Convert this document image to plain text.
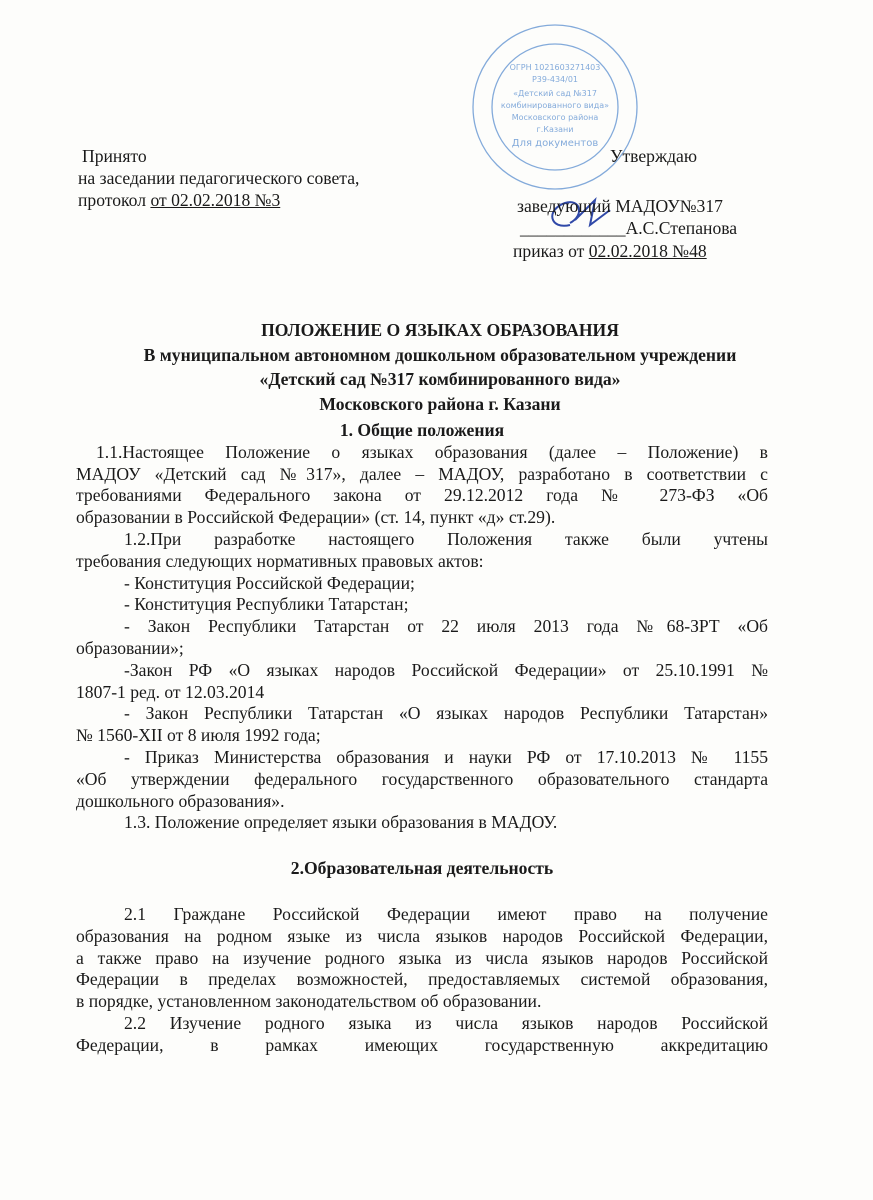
Принято
на заседании педагогического совета,
протокол от 02.02.2018 №3
ОГРН 1021603271403
Р39-434/01
«Детский сад №317
комбинированного вида»
Московского района
г.Казани
Для документов
Утверждаю
заведующий МАДОУ№317
____________А.С.Степанова
приказ от 02.02.2018 №48
ПОЛОЖЕНИЕ О ЯЗЫКАХ ОБРАЗОВАНИЯ
В муниципальном автономном дошкольном образовательном учреждении
«Детский сад №317 комбинированного вида»
Московского района г. Казани
1. Общие положения
1.1.Настоящее Положение о языках образования (далее – Положение) в
МАДОУ «Детский сад №317», далее – МАДОУ, разработано в соответствии с
требованиями Федерального закона от 29.12.2012 года № 273-ФЗ «Об
образовании в Российской Федерации» (ст. 14, пункт «д» ст.29).
1.2.При разработке настоящего Положения также были учтены
требования следующих нормативных правовых актов:
- Конституция Российской Федерации;
- Конституция Республики Татарстан;
- Закон Республики Татарстан от 22 июля 2013 года №68-ЗРТ «Об
образовании»;
-Закон РФ «О языках народов Российской Федерации» от 25.10.1991 №
1807-1 ред. от 12.03.2014
- Закон Республики Татарстан «О языках народов Республики Татарстан»
№ 1560-XII от 8 июля 1992 года;
- Приказ Министерства образования и науки РФ от 17.10.2013 № 1155
«Об утверждении федерального государственного образовательного стандарта
дошкольного образования».
1.3. Положение определяет языки образования в МАДОУ.
2.Образовательная деятельность
2.1 Граждане Российской Федерации имеют право на получение
образования на родном языке из числа языков народов Российской Федерации,
а также право на изучение родного языка из числа языков народов Российской
Федерации в пределах возможностей, предоставляемых системой образования,
в порядке, установленном законодательством об образовании.
2.2 Изучение родного языка из числа языков народов Российской
Федерации, в рамках имеющих государственную аккредитацию
